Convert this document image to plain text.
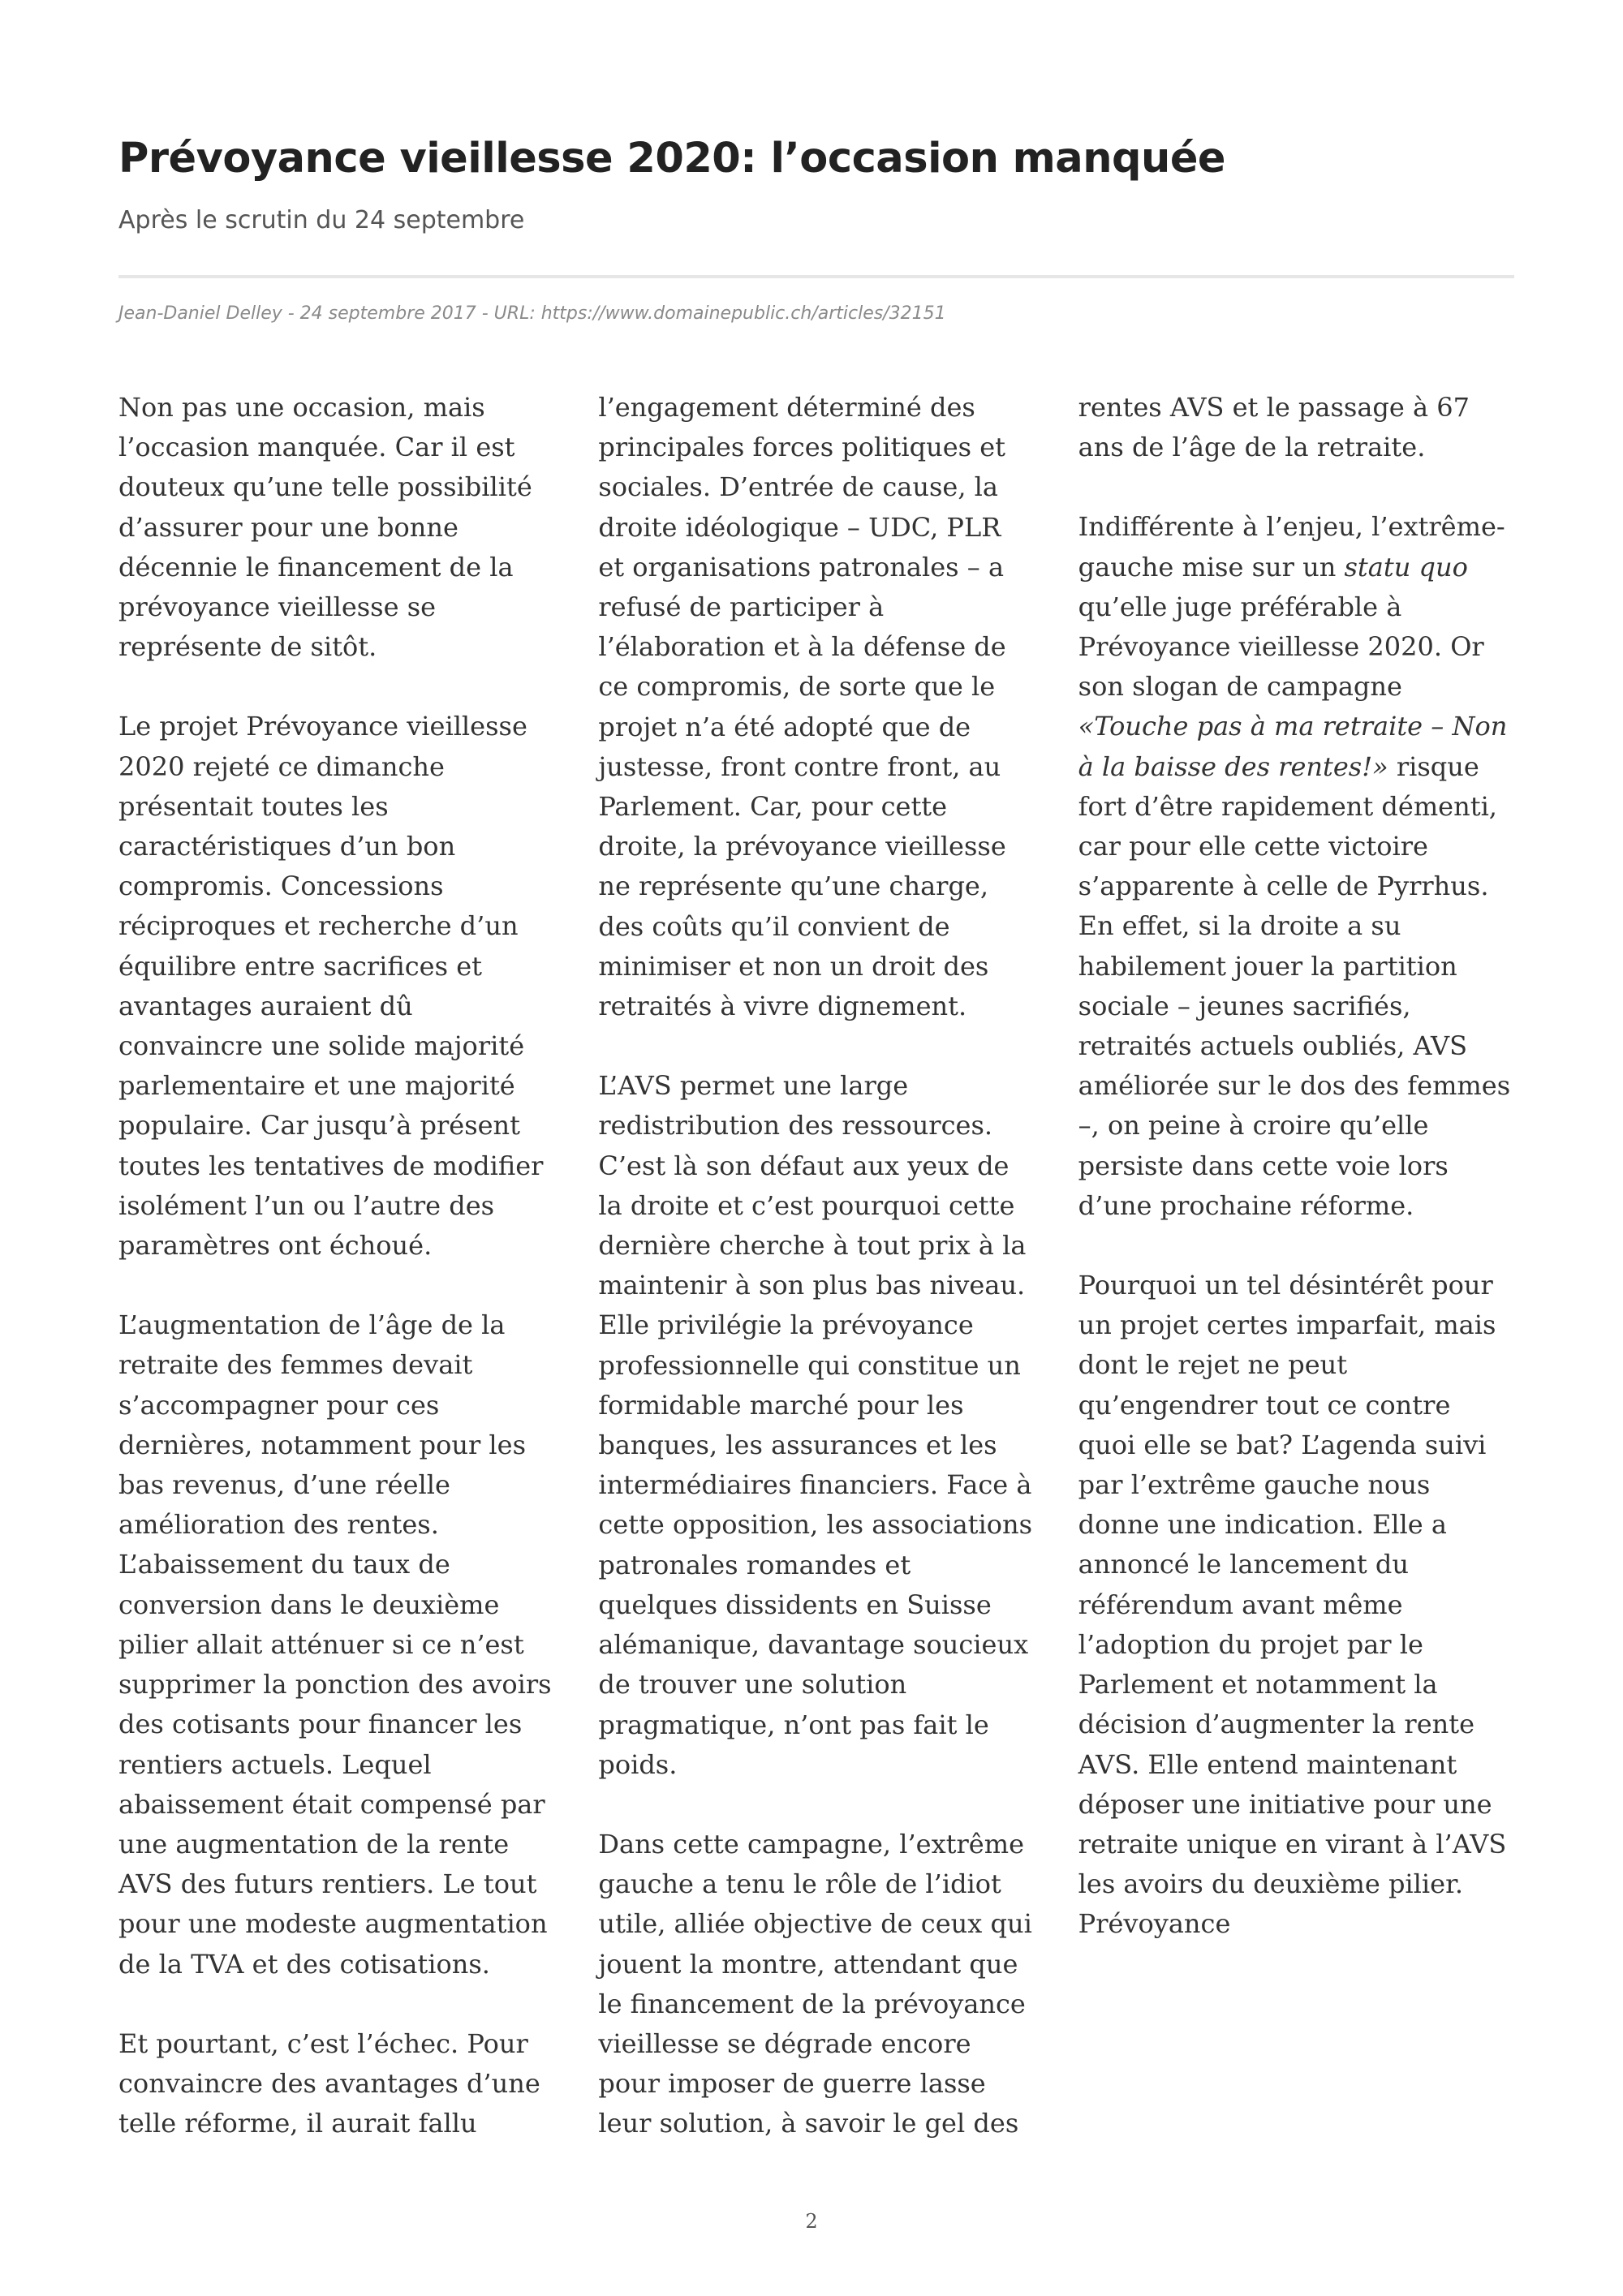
Prévoyance vieillesse 2020: l’occasion manquée

Après le scrutin du 24 septembre

Jean-Daniel Delley - 24 septembre 2017 - URL: https://www.domainepublic.ch/articles/32151

Non pas une occasion, mais l’occasion manquée. Car il est douteux qu’une telle possibilité d’assurer pour une bonne décennie le financement de la prévoyance vieillesse se représente de sitôt.

Le projet Prévoyance vieillesse 2020 rejeté ce dimanche présentait toutes les caractéristiques d’un bon compromis. Concessions réciproques et recherche d’un équilibre entre sacrifices et avantages auraient dû convaincre une solide majorité parlementaire et une majorité populaire. Car jusqu’à présent toutes les tentatives de modifier isolément l’un ou l’autre des paramètres ont échoué.

L’augmentation de l’âge de la retraite des femmes devait s’accompagner pour ces dernières, notamment pour les bas revenus, d’une réelle amélioration des rentes. L’abaissement du taux de conversion dans le deuxième pilier allait atténuer si ce n’est supprimer la ponction des avoirs des cotisants pour financer les rentiers actuels. Lequel abaissement était compensé par une augmentation de la rente AVS des futurs rentiers. Le tout pour une modeste augmentation de la TVA et des cotisations.

Et pourtant, c’est l’échec. Pour convaincre des avantages d’une telle réforme, il aurait fallu l’engagement déterminé des principales forces politiques et sociales. D’entrée de cause, la droite idéologique – UDC, PLR et organisations patronales – a refusé de participer à l’élaboration et à la défense de ce compromis, de sorte que le projet n’a été adopté que de justesse, front contre front, au Parlement. Car, pour cette droite, la prévoyance vieillesse ne représente qu’une charge, des coûts qu’il convient de minimiser et non un droit des retraités à vivre dignement.

L’AVS permet une large redistribution des ressources. C’est là son défaut aux yeux de la droite et c’est pourquoi cette dernière cherche à tout prix à la maintenir à son plus bas niveau. Elle privilégie la prévoyance professionnelle qui constitue un formidable marché pour les banques, les assurances et les intermédiaires financiers. Face à cette opposition, les associations patronales romandes et quelques dissidents en Suisse alémanique, davantage soucieux de trouver une solution pragmatique, n’ont pas fait le poids.

Dans cette campagne, l’extrême gauche a tenu le rôle de l’idiot utile, alliée objective de ceux qui jouent la montre, attendant que le financement de la prévoyance vieillesse se dégrade encore pour imposer de guerre lasse leur solution, à savoir le gel des rentes AVS et le passage à 67 ans de l’âge de la retraite.

Indifférente à l’enjeu, l’extrême-gauche mise sur un statu quo qu’elle juge préférable à Prévoyance vieillesse 2020. Or son slogan de campagne «Touche pas à ma retraite – Non à la baisse des rentes!» risque fort d’être rapidement démenti, car pour elle cette victoire s’apparente à celle de Pyrrhus. En effet, si la droite a su habilement jouer la partition sociale – jeunes sacrifiés, retraités actuels oubliés, AVS améliorée sur le dos des femmes –, on peine à croire qu’elle persiste dans cette voie lors d’une prochaine réforme.

Pourquoi un tel désintérêt pour un projet certes imparfait, mais dont le rejet ne peut qu’engendrer tout ce contre quoi elle se bat? L’agenda suivi par l’extrême gauche nous donne une indication. Elle a annoncé le lancement du référendum avant même l’adoption du projet par le Parlement et notamment la décision d’augmenter la rente AVS. Elle entend maintenant déposer une initiative pour une retraite unique en virant à l’AVS les avoirs du deuxième pilier. Prévoyance

2
